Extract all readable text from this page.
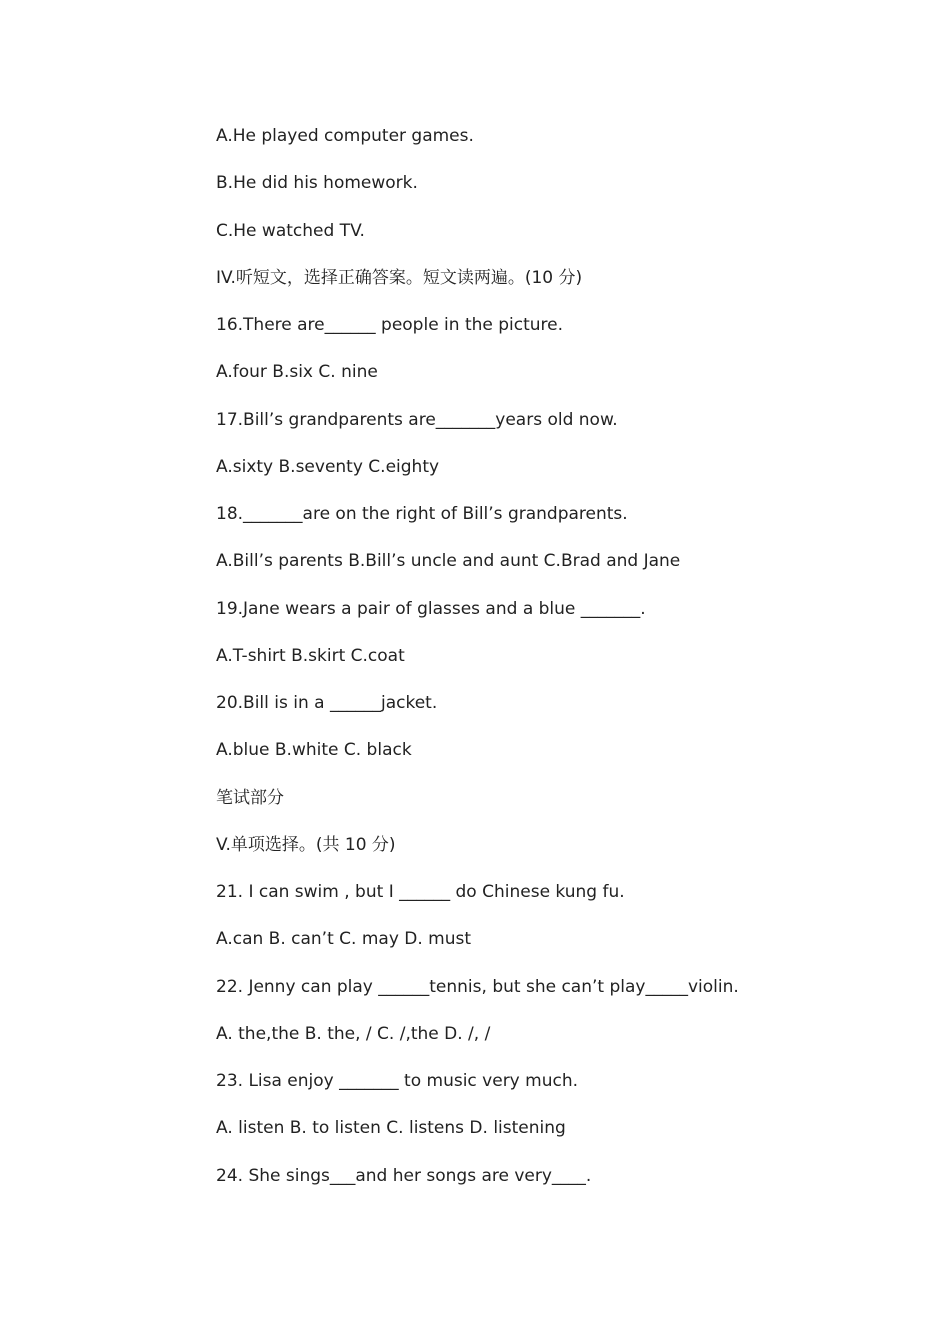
A.He played computer games.
B.He did his homework.
C.He watched TV.
IV.听短文，选择正确答案。短文读两遍。(10 分)
16.There are______ people in the picture.
A.four B.six C. nine
17.Bill’s grandparents are_______years old now.
A.sixty B.seventy C.eighty
18._______are on the right of Bill’s grandparents.
A.Bill’s parents B.Bill’s uncle and aunt C.Brad and Jane
19.Jane wears a pair of glasses and a blue _______.
A.T-shirt B.skirt C.coat
20.Bill is in a ______jacket.
A.blue B.white C. black
笔试部分
V.单项选择。(共 10 分)
21. I can swim , but I ______ do Chinese kung fu.
A.can B. can’t C. may D. must
22. Jenny can play ______tennis, but she can’t play_____violin.
A. the,the B. the, / C. /,the D. /, /
23. Lisa enjoy _______ to music very much.
A. listen B. to listen C. listens D. listening
24. She sings___and her songs are very____.
